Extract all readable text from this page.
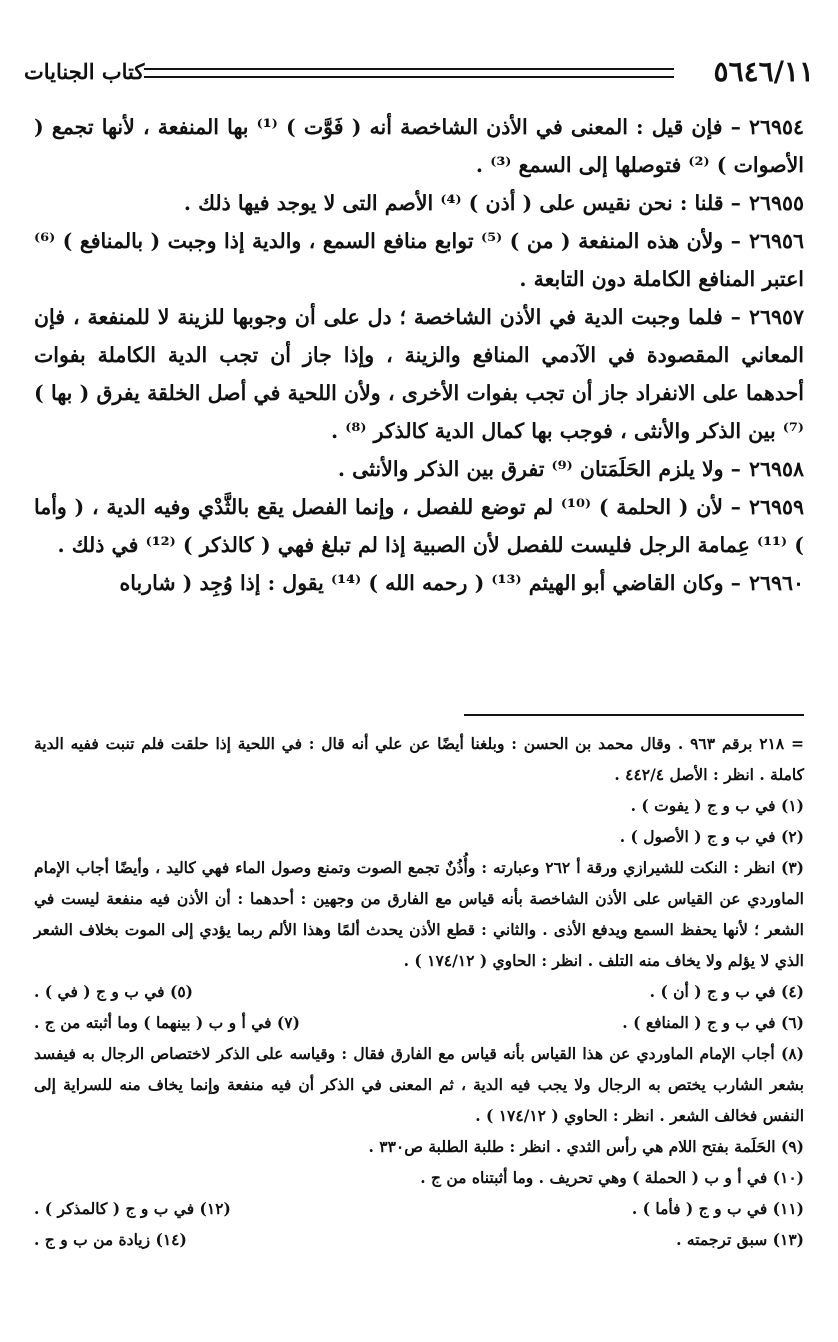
٥٦٤٦/١١
كتاب الجنايات

٢٦٩٥٤– فإن قيل : المعنى في الأذن الشاخصة أنه ( فَوَّت ) ⁽¹⁾ بها المنفعة ، لأنها تجمع ( الأصوات ) ⁽²⁾ فتوصلها إلى السمع ⁽³⁾ .

٢٦٩٥٥– قلنا : نحن نقيس على ( أذن ) ⁽⁴⁾ الأصم التى لا يوجد فيها ذلك .

٢٦٩٥٦– ولأن هذه المنفعة ( من ) ⁽⁵⁾ توابع منافع السمع ، والدية إذا وجبت ( بالمنافع ) ⁽⁶⁾ اعتبر المنافع الكاملة دون التابعة .

٢٦٩٥٧– فلما وجبت الدية في الأذن الشاخصة ؛ دل على أن وجوبها للزينة لا للمنفعة ، فإن المعاني المقصودة في الآدمي المنافع والزينة ، وإذا جاز أن تجب الدية الكاملة بفوات أحدهما على الانفراد جاز أن تجب بفوات الأخرى ، ولأن اللحية في أصل الخلقة يفرق ( بها ) ⁽⁷⁾ بين الذكر والأنثى ، فوجب بها كمال الدية كالذكر ⁽⁸⁾ .

٢٦٩٥٨– ولا يلزم الحَلَمَتان ⁽⁹⁾ تفرق بين الذكر والأنثى .

٢٦٩٥٩– لأن ( الحلمة ) ⁽¹⁰⁾ لم توضع للفصل ، وإنما الفصل يقع بالثَّدْي وفيه الدية ، ( وأما ) ⁽¹¹⁾ عِمامة الرجل فليست للفصل لأن الصبية إذا لم تبلغ فهي ( كالذكر ) ⁽¹²⁾ في ذلك .

٢٦٩٦٠– وكان القاضي أبو الهيثم ⁽¹³⁾ ( رحمه الله ) ⁽¹⁴⁾ يقول : إذا وُجِد ( شارباه

= ٢١٨ برقم ٩٦٣ . وقال محمد بن الحسن : وبلغنا أيضًا عن علي أنه قال : في اللحية إذا حلقت فلم تنبت ففيه الدية كاملة . انظر : الأصل ٤٤٢/٤ .

(١) في ب و ج ( يفوت ) .
(٢) في ب و ج ( الأصول ) .

(٣) انظر : النكت للشيرازي ورقة أ ٢٦٢ وعبارته : وأُذُنٌ تجمع الصوت وتمنع وصول الماء فهي كاليد ، وأيضًا أجاب الإمام الماوردي عن القياس على الأذن الشاخصة بأنه قياس مع الفارق من وجهين : أحدهما : أن الأذن فيه منفعة ليست في الشعر ؛ لأنها يحفظ السمع ويدفع الأذى . والثاني : قطع الأذن يحدث ألمًا وهذا الألم ربما يؤدي إلى الموت بخلاف الشعر الذي لا يؤلم ولا يخاف منه التلف . انظر : الحاوي ( ١٧٤/١٢ ) .

(٤) في ب و ج ( أن ) .
(٥) في ب و ج ( في ) .
(٦) في ب و ج ( المنافع ) .
(٧) في أ و ب ( بينهما ) وما أثبته من ج .

(٨) أجاب الإمام الماوردي عن هذا القياس بأنه قياس مع الفارق فقال : وقياسه على الذكر لاختصاص الرجال به فيفسد بشعر الشارب يختص به الرجال ولا يجب فيه الدية ، ثم المعنى في الذكر أن فيه منفعة وإنما يخاف منه للسراية إلى النفس فخالف الشعر . انظر : الحاوي ( ١٧٤/١٢ ) .

(٩) الحَلَمة بفتح اللام هي رأس الثدي . انظر : طلبة الطلبة ص٣٣٠ .

(١٠) في أ و ب ( الحملة ) وهي تحريف . وما أثبتناه من ج .

(١١) في ب و ج ( فأما ) .
(١٢) في ب و ج ( كالمذكر ) .
(١٣) سبق ترجمته .
(١٤) زيادة من ب و ج .
